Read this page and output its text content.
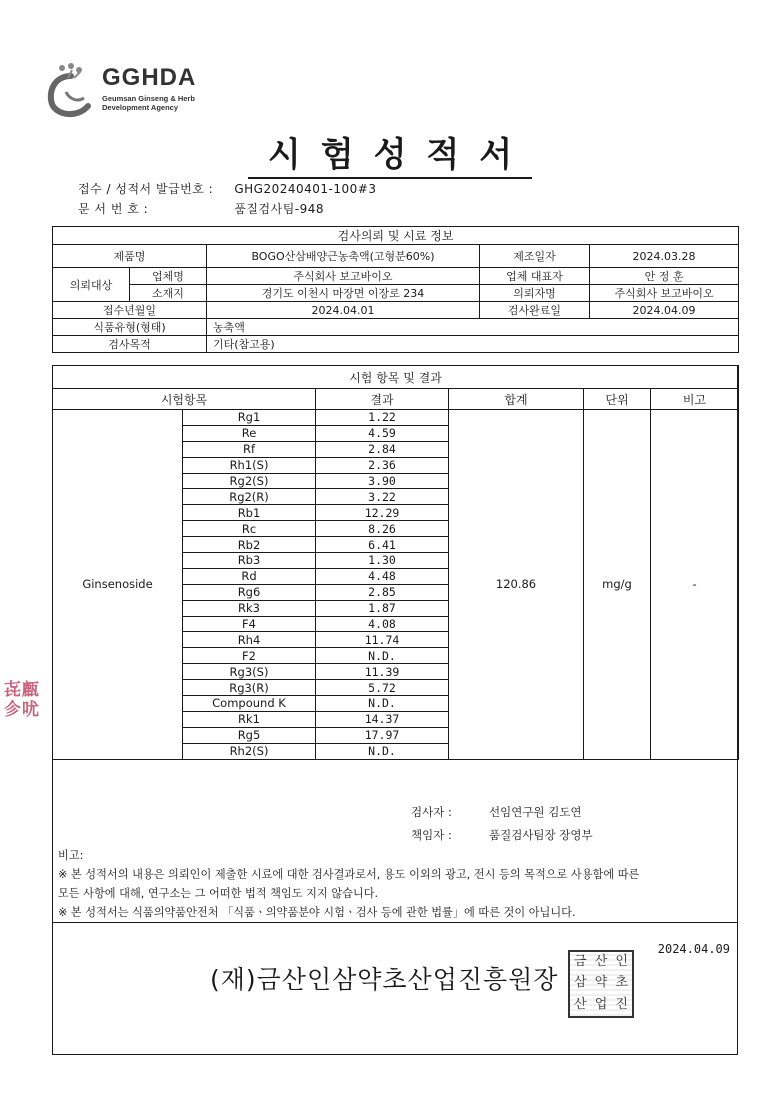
GGHDA
Geumsan Ginseng & Herb
Development Agency
시험성적서
접수 / 성적서 발급번호 : GHG20240401-100#3
문 서 번 호 :	품질검사팀-948
검사의뢰 및 시료 정보				
제품명		BOGO산삼배양근농축액(고형분60%)	제조일자	2024.03.28
의뢰대상	업체명	주식회사 보고바이오	업체 대표자	안 정 훈
	소재지	경기도 이천시 마장면 이장로 234	의뢰자명	주식회사 보고바이오
접수년월일		2024.04.01	검사완료일	2024.04.09
식품유형(형태)		농축액		
검사목적		기타(참고용)		
시험 항목 및 결과					
시험항목		결과	합계	단위	비고
Ginsenoside	Rg1	1.22	120.86	mg/g	-
	Re	4.59			
	Rf	2.84			
	Rh1(S)	2.36			
	Rg2(S)	3.90			
	Rg2(R)	3.22			
	Rb1	12.29			
	Rc	8.26			
	Rb2	6.41			
	Rb3	1.30			
	Rd	4.48			
	Rg6	2.85			
	Rk3	1.87			
	F4	4.08			
	Rh4	11.74			
	F2	N.D.			
	Rg3(S)	11.39			
	Rg3(R)	5.72			
	Compound K	N.D.			
	Rk1	14.37			
	Rg5	17.97			
	Rh2(S)	N.D.			
검사자 :	선임연구원 김도연
책임자 :	품질검사팀장 장영부
비고:
※ 본 성적서의 내용은 의뢰인이 제출한 시료에 대한 검사결과로서, 용도 이외의 광고, 전시 등의 목적으로 사용함에 따른
모든 사항에 대해, 연구소는 그 어떠한 법적 책임도 지지 않습니다.
※ 본 성적서는 식품의약품안전처 「식품ㆍ의약품분야 시험ㆍ검사 등에 관한 법률」에 따른 것이 아닙니다.
2024.04.09
(재)금산인삼약초산업진흥원장
금 산 인
삼 약 초
산 업 진
㐂㼾
㐱㕱
